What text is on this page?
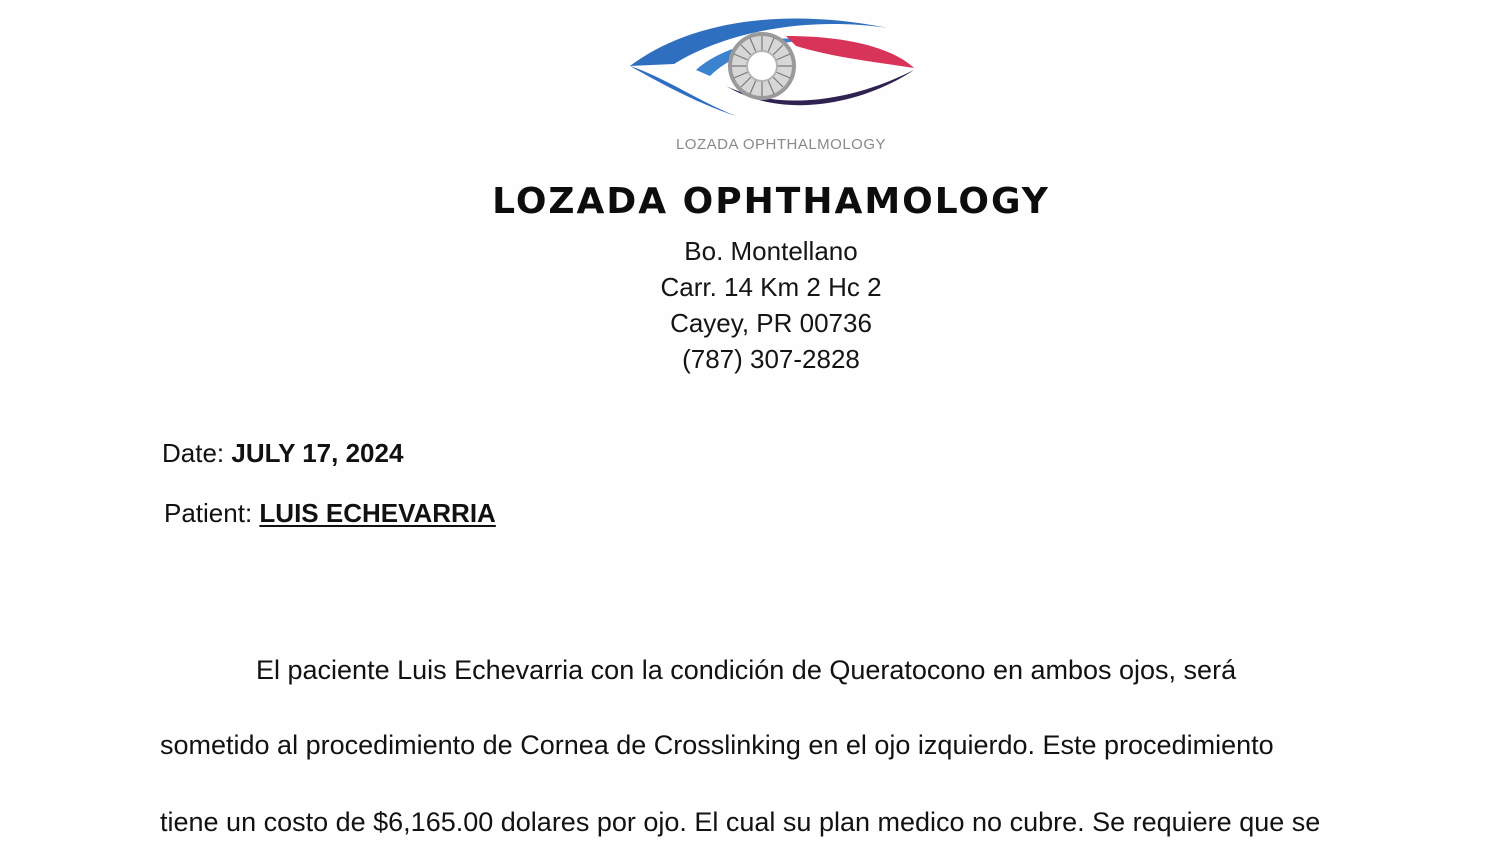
LOZADA OPHTHALMOLOGY
LOZADA OPHTHAMOLOGY
Bo. Montellano
Carr. 14 Km 2 Hc 2
Cayey, PR 00736
(787) 307-2828
Date: JULY 17, 2024
Patient: LUIS ECHEVARRIA
El paciente Luis Echevarria con la condición de Queratocono en ambos ojos, será
sometido al procedimiento de Cornea de Crosslinking en el ojo izquierdo. Este procedimiento
tiene un costo de $6,165.00 dolares por ojo. El cual su plan medico no cubre. Se requiere que se
